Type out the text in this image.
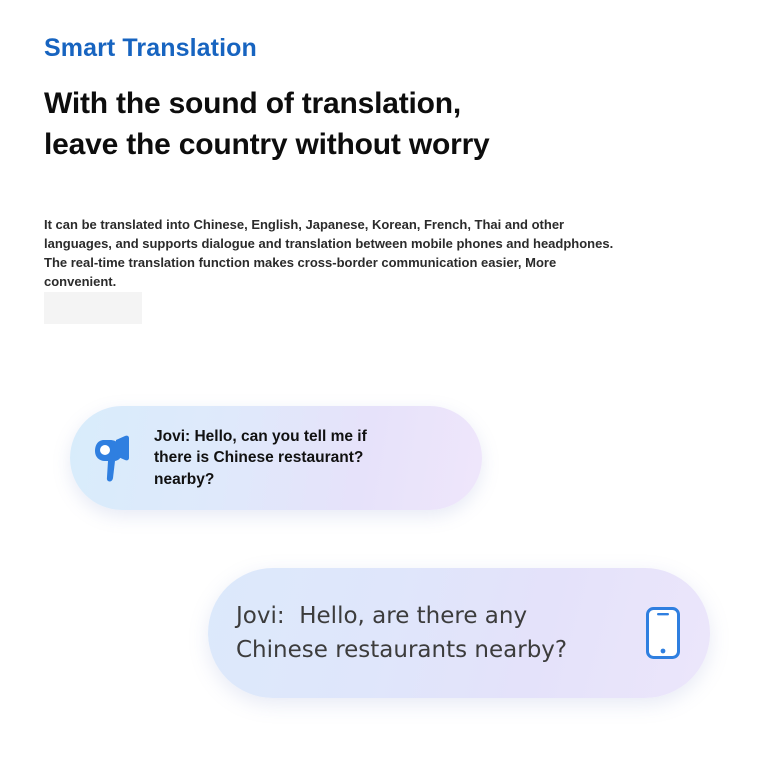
Smart Translation
With the sound of translation,
leave the country without worry
It can be translated into Chinese, English, Japanese, Korean, French, Thai and other
languages, and supports dialogue and translation between mobile phones and headphones.
The real-time translation function makes cross-border communication easier, More
convenient.
Jovi: Hello, can you tell me if
there is Chinese restaurant?
nearby?
Jovi:  Hello, are there any
Chinese restaurants nearby?
